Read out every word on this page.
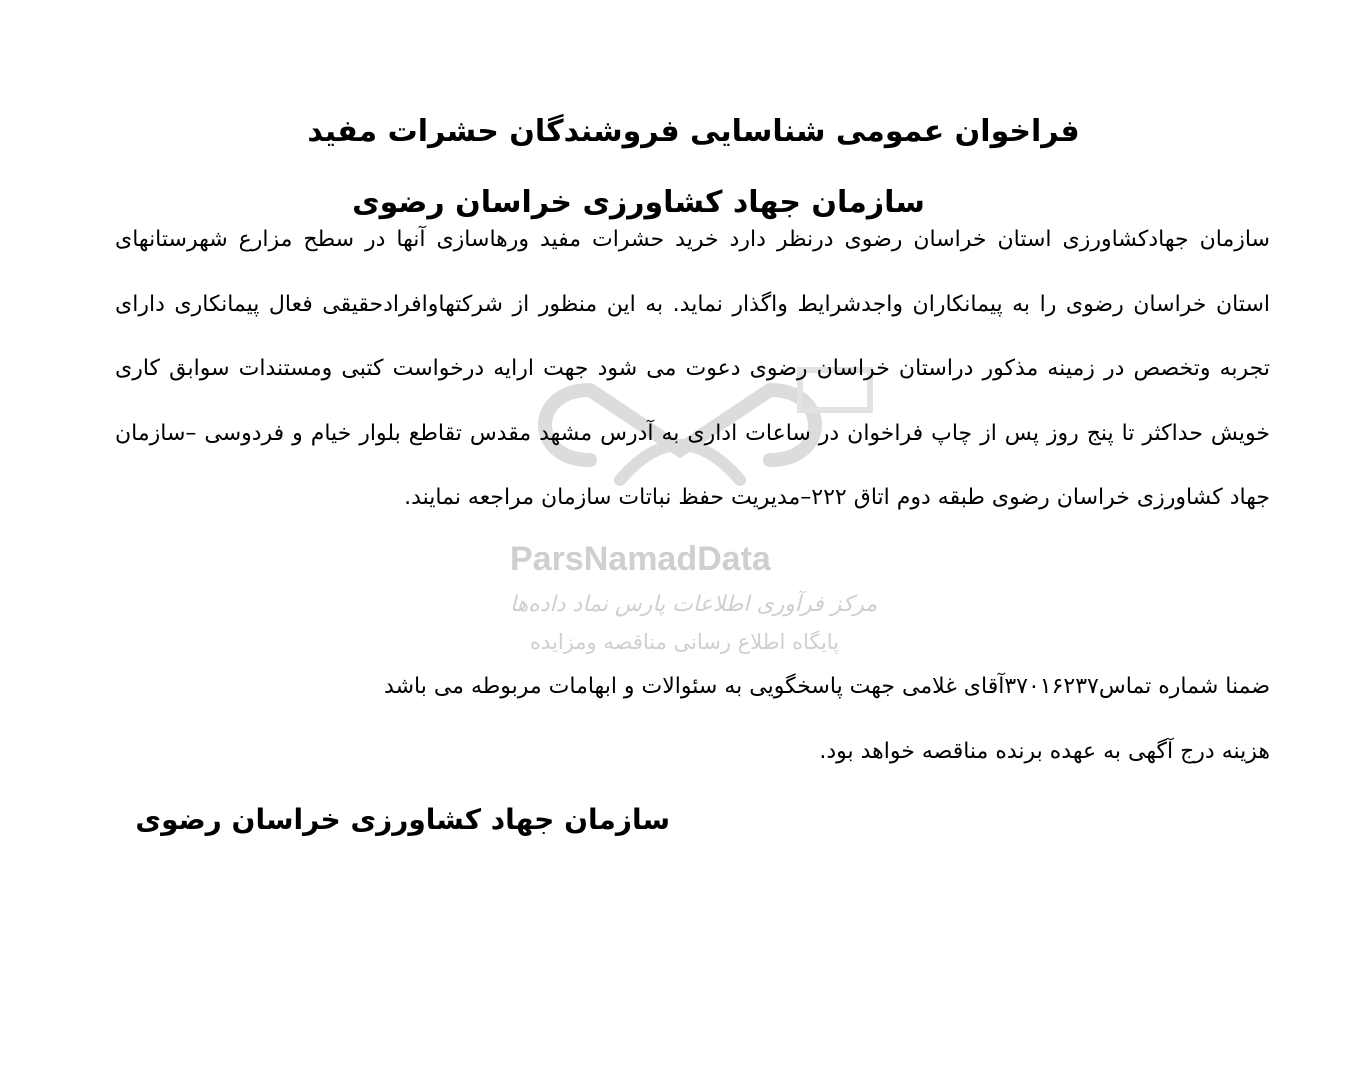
ParsNamadData
مرکز فرآوری اطلاعات پارس نماد داده‌ها
پایگاه اطلاع رسانی مناقصه ومزایده
فراخوان عمومی شناسایی فروشندگان حشرات مفید
سازمان جهاد کشاورزی خراسان رضوی

سازمان جهادکشاورزی استان خراسان رضوی درنظر دارد خرید حشرات مفید ورهاسازی آنها در سطح مزارع شهرستانهای استان خراسان رضوی را به پیمانکاران واجدشرایط واگذار نماید. به این منظور از شرکتهاوافرادحقیقی فعال پیمانکاری دارای تجربه وتخصص در زمینه مذکور دراستان خراسان رضوی دعوت می شود جهت ارایه درخواست کتبی ومستندات سوابق کاری خویش حداکثر تا پنج روز پس از چاپ فراخوان در ساعات اداری به آدرس مشهد مقدس تقاطع بلوار خیام و فردوسی –سازمان جهاد کشاورزی خراسان رضوی طبقه دوم اتاق ۲۲۲–مدیریت حفظ نباتات سازمان مراجعه نمایند.

ضمنا شماره تماس۳۷۰۱۶۲۳۷آقای غلامی جهت پاسخگویی به سئوالات و ابهامات مربوطه می باشد
هزینه درج آگهی به عهده برنده مناقصه خواهد بود.
سازمان جهاد کشاورزی خراسان رضوی
